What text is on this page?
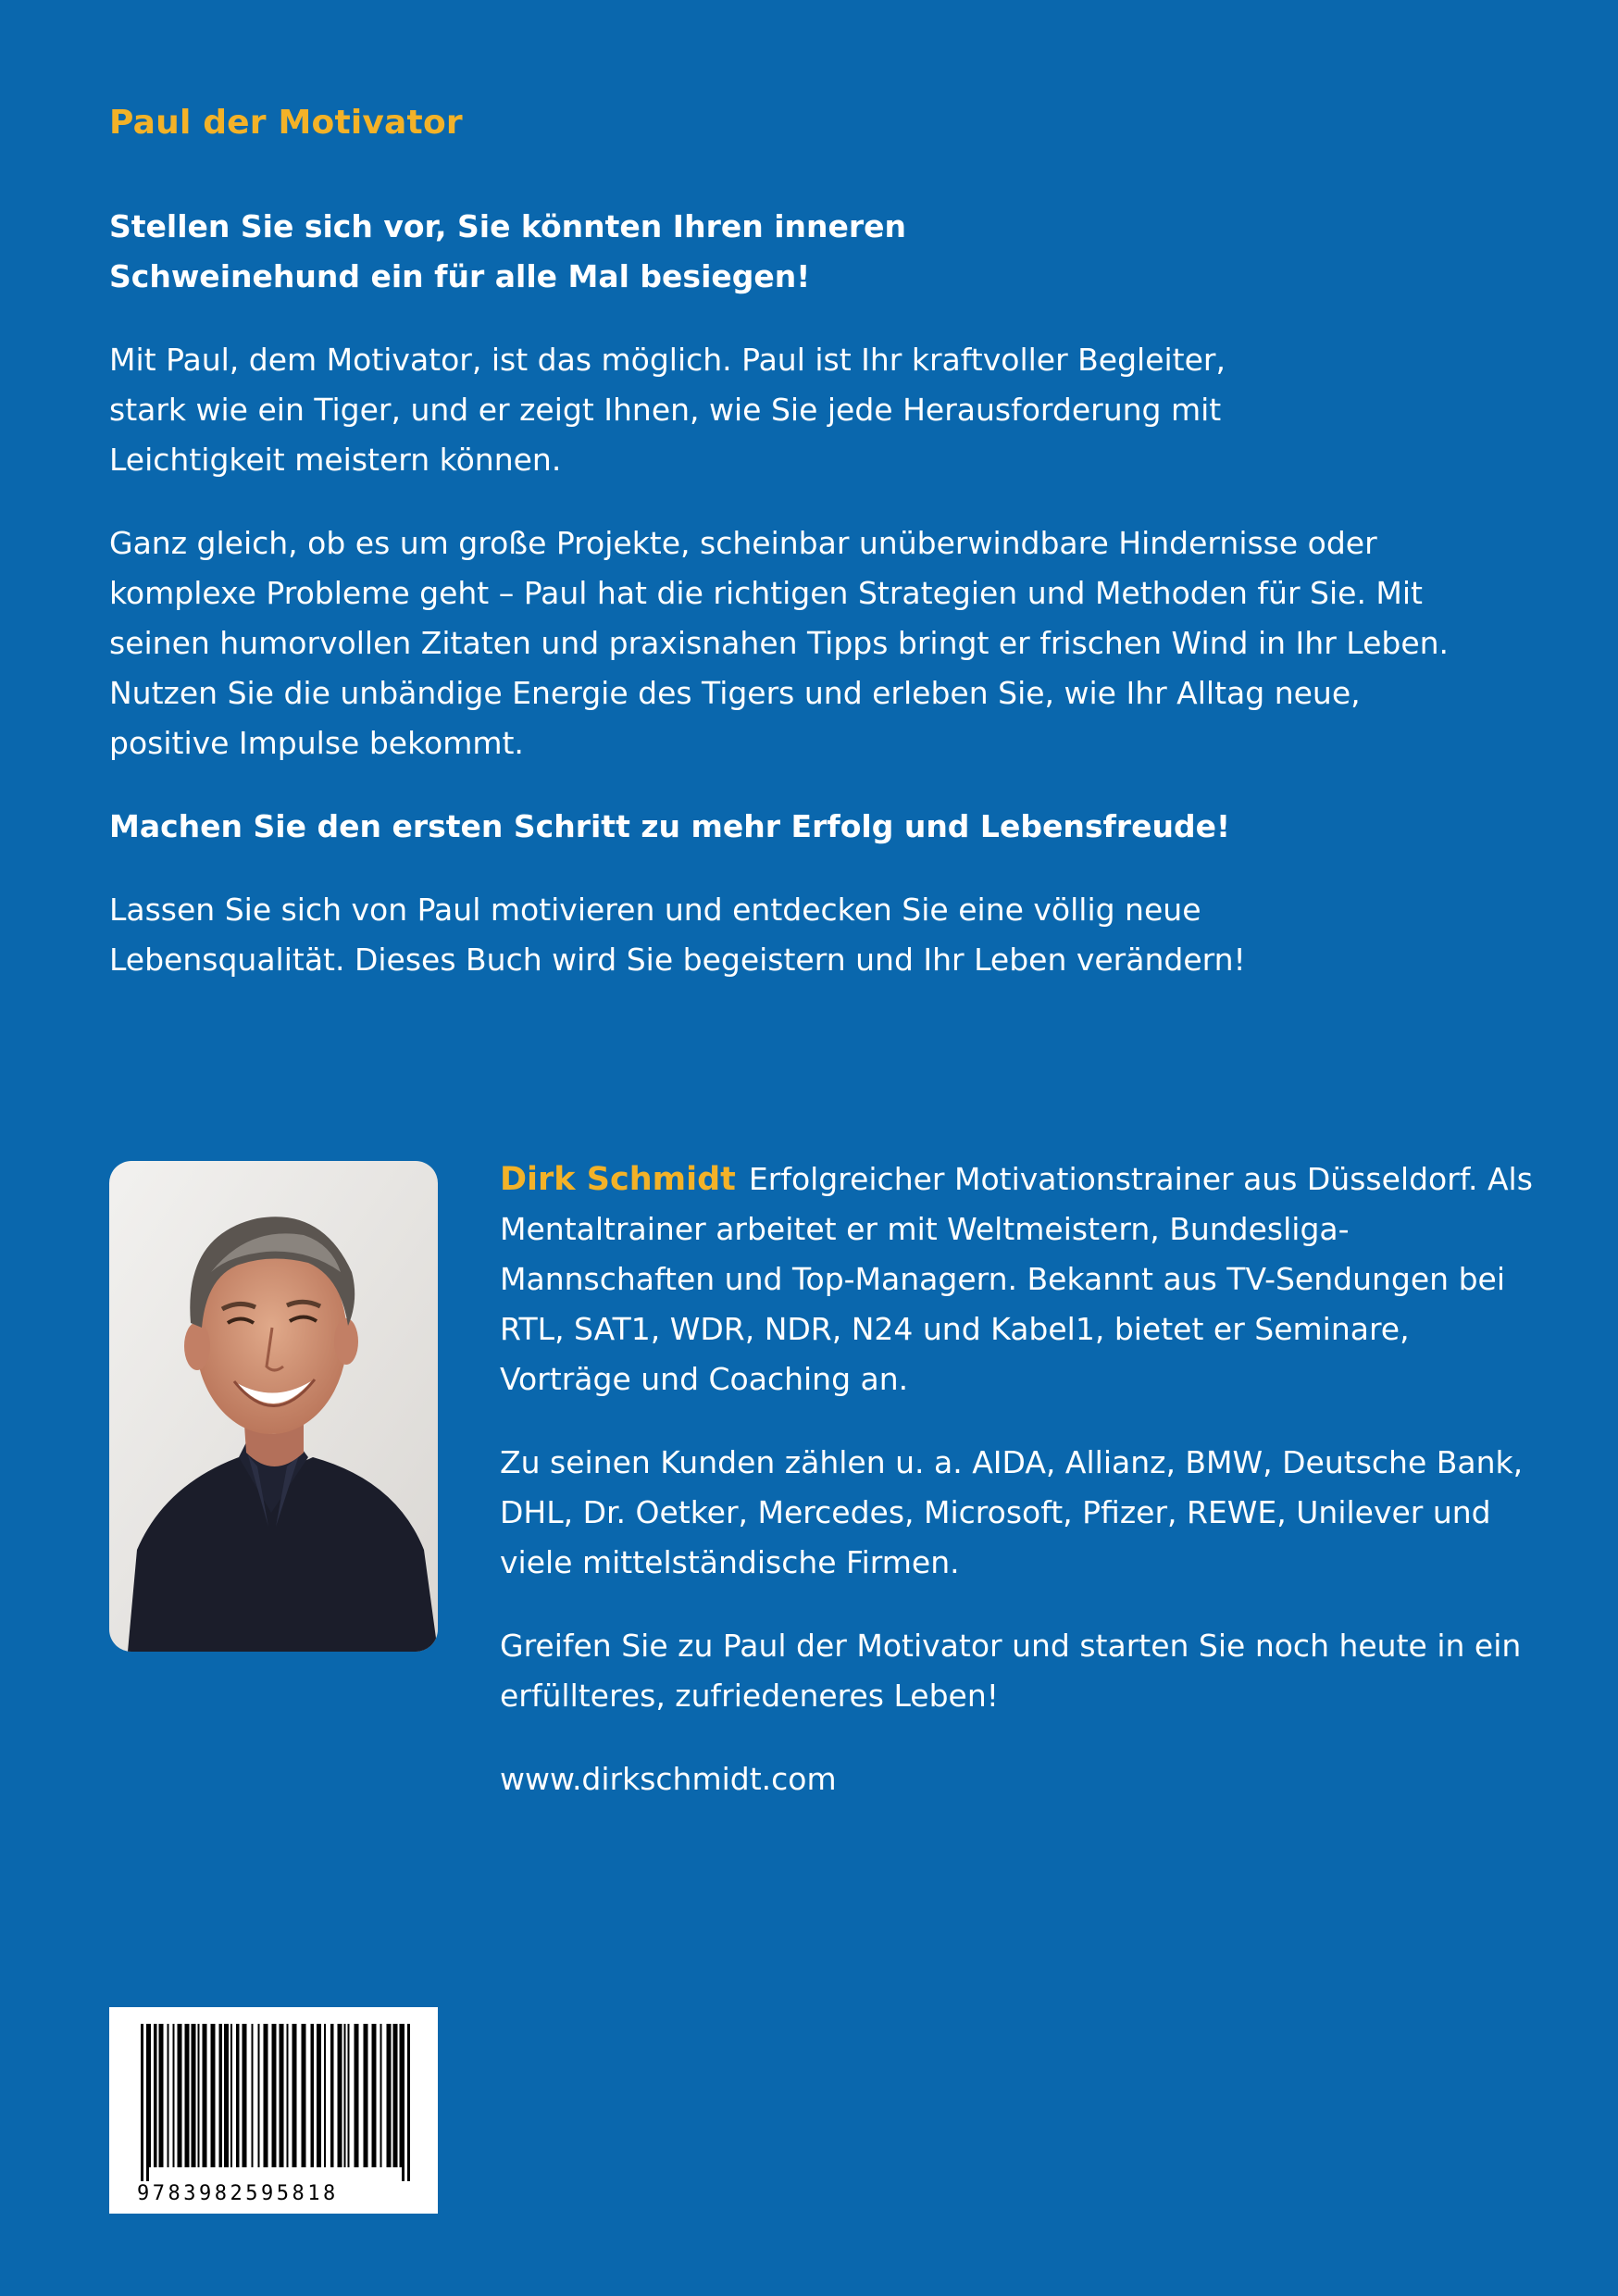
Paul der Motivator

Stellen Sie sich vor, Sie könnten Ihren inneren Schweinehund ein für alle Mal besiegen!

Mit Paul, dem Motivator, ist das möglich. Paul ist Ihr kraftvoller Begleiter, stark wie ein Tiger, und er zeigt Ihnen, wie Sie jede Herausforderung mit Leichtigkeit meistern können.

Ganz gleich, ob es um große Projekte, scheinbar unüberwindbare Hindernisse oder komplexe Probleme geht – Paul hat die richtigen Strategien und Methoden für Sie. Mit seinen humorvollen Zitaten und praxisnahen Tipps bringt er frischen Wind in Ihr Leben. Nutzen Sie die unbändige Energie des Tigers und erleben Sie, wie Ihr Alltag neue, positive Impulse bekommt.

Machen Sie den ersten Schritt zu mehr Erfolg und Lebensfreude!

Lassen Sie sich von Paul motivieren und entdecken Sie eine völlig neue Lebensqualität. Dieses Buch wird Sie begeistern und Ihr Leben verändern!

Dirk Schmidt Erfolgreicher Motivationstrainer aus Düsseldorf. Als Mentaltrainer arbeitet er mit Weltmeistern, Bundesliga-Mannschaften und Top-Managern. Bekannt aus TV-Sendungen bei RTL, SAT1, WDR, NDR, N24 und Kabel1, bietet er Seminare, Vorträge und Coaching an.

Zu seinen Kunden zählen u. a. AIDA, Allianz, BMW, Deutsche Bank, DHL, Dr. Oetker, Mercedes, Microsoft, Pfizer, REWE, Unilever und viele mittelständische Firmen.

Greifen Sie zu Paul der Motivator und starten Sie noch heute in ein erfüllteres, zufriedeneres Leben!

www.dirkschmidt.com

9783982595818
